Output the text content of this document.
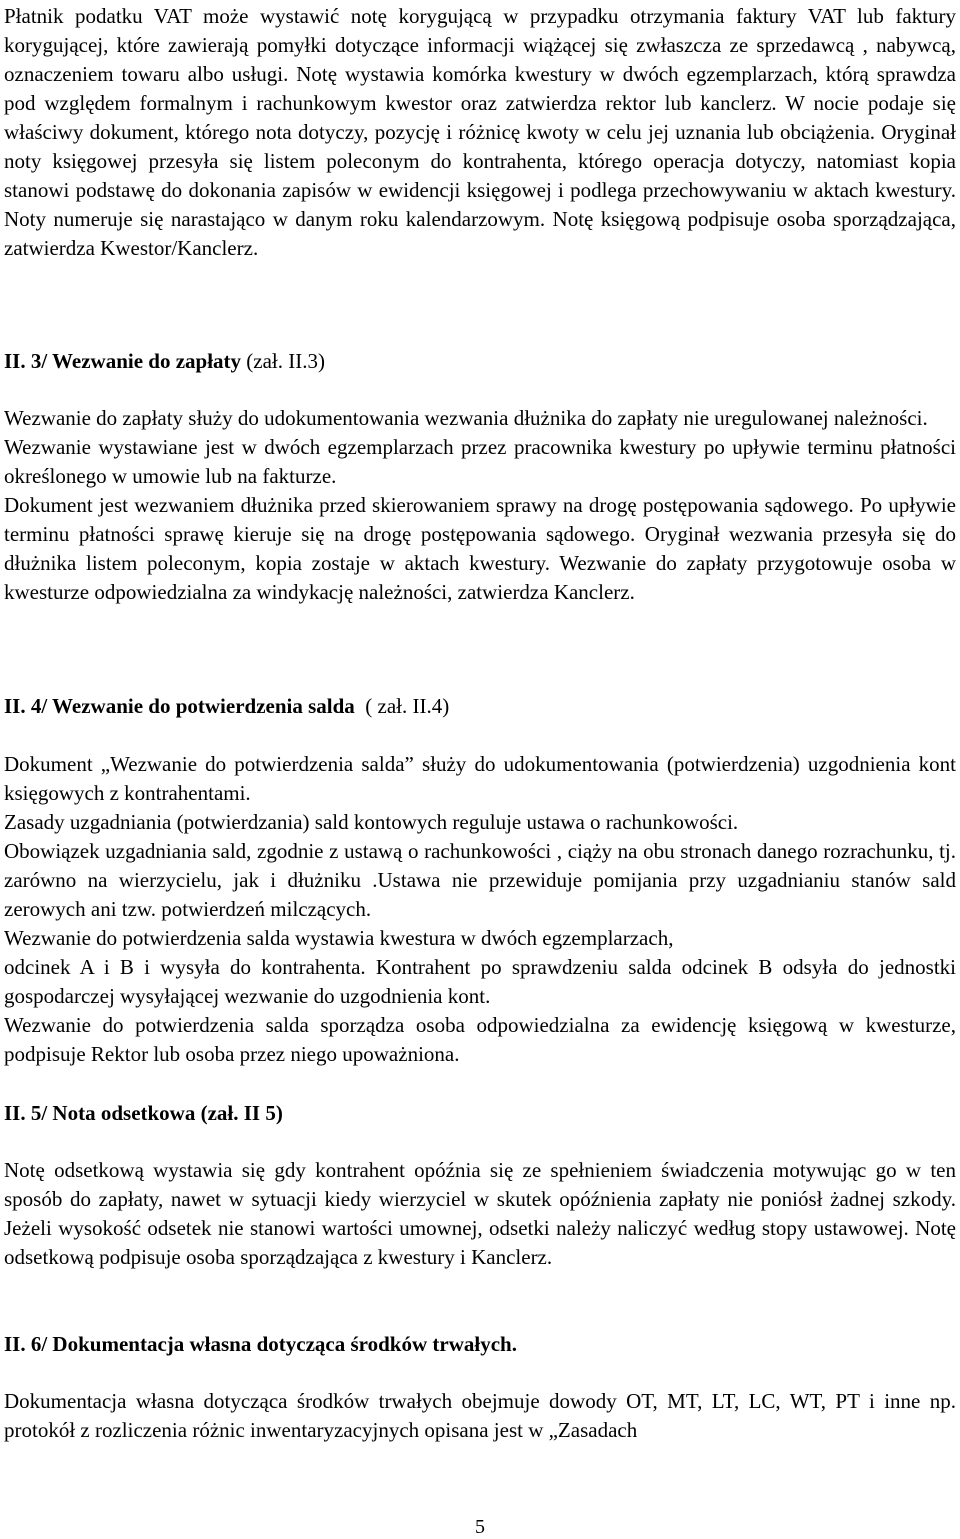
Płatnik podatku VAT może wystawić notę korygującą w przypadku otrzymania faktury VAT lub faktury korygującej, które zawierają pomyłki dotyczące informacji wiążącej się zwłaszcza ze sprzedawcą , nabywcą, oznaczeniem towaru albo usługi. Notę wystawia komórka kwestury w dwóch egzemplarzach, którą sprawdza pod względem formalnym i rachunkowym kwestor oraz zatwierdza rektor lub kanclerz. W nocie podaje się właściwy dokument, którego nota dotyczy, pozycję i różnicę kwoty w celu jej uznania lub obciążenia. Oryginał noty księgowej przesyła się listem poleconym do kontrahenta, którego operacja dotyczy, natomiast kopia stanowi podstawę do dokonania zapisów w ewidencji księgowej i podlega przechowywaniu w aktach kwestury. Noty numeruje się narastająco w danym roku kalendarzowym. Notę księgową podpisuje osoba sporządzająca, zatwierdza Kwestor/Kanclerz.

II. 3/ Wezwanie do zapłaty (zał. II.3)

Wezwanie do zapłaty służy do udokumentowania wezwania dłużnika do zapłaty nie uregulowanej należności.

Wezwanie wystawiane jest w dwóch egzemplarzach przez pracownika kwestury po upływie terminu płatności określonego w umowie lub na fakturze.

Dokument jest wezwaniem dłużnika przed skierowaniem sprawy na drogę postępowania sądowego. Po upływie terminu płatności sprawę kieruje się na drogę postępowania sądowego. Oryginał wezwania przesyła się do dłużnika listem poleconym, kopia zostaje w aktach kwestury. Wezwanie do zapłaty przygotowuje osoba w kwesturze odpowiedzialna za windykację należności, zatwierdza Kanclerz.

II. 4/ Wezwanie do potwierdzenia salda ( zał. II.4)

Dokument „Wezwanie do potwierdzenia salda” służy do udokumentowania (potwierdzenia) uzgodnienia kont księgowych z kontrahentami.

Zasady uzgadniania (potwierdzania) sald kontowych reguluje ustawa o rachunkowości.

Obowiązek uzgadniania sald, zgodnie z ustawą o rachunkowości , ciąży na obu stronach danego rozrachunku, tj. zarówno na wierzycielu, jak i dłużniku .Ustawa nie przewiduje pomijania przy uzgadnianiu stanów sald zerowych ani tzw. potwierdzeń milczących.

Wezwanie do potwierdzenia salda wystawia kwestura w dwóch egzemplarzach,

odcinek A i B i wysyła do kontrahenta. Kontrahent po sprawdzeniu salda odcinek B odsyła do jednostki gospodarczej wysyłającej wezwanie do uzgodnienia kont.

Wezwanie do potwierdzenia salda sporządza osoba odpowiedzialna za ewidencję księgową w kwesturze, podpisuje Rektor lub osoba przez niego upoważniona.

II. 5/ Nota odsetkowa (zał. II 5)

Notę odsetkową wystawia się gdy kontrahent opóźnia się ze spełnieniem świadczenia motywując go w ten sposób do zapłaty, nawet w sytuacji kiedy wierzyciel w skutek opóźnienia zapłaty nie poniósł żadnej szkody. Jeżeli wysokość odsetek nie stanowi wartości umownej, odsetki należy naliczyć według stopy ustawowej. Notę odsetkową podpisuje osoba sporządzająca z kwestury i Kanclerz.

II. 6/ Dokumentacja własna dotycząca środków trwałych.

Dokumentacja własna dotycząca środków trwałych obejmuje dowody OT, MT, LT, LC, WT, PT i inne np. protokół z rozliczenia różnic inwentaryzacyjnych opisana jest w „Zasadach

5
